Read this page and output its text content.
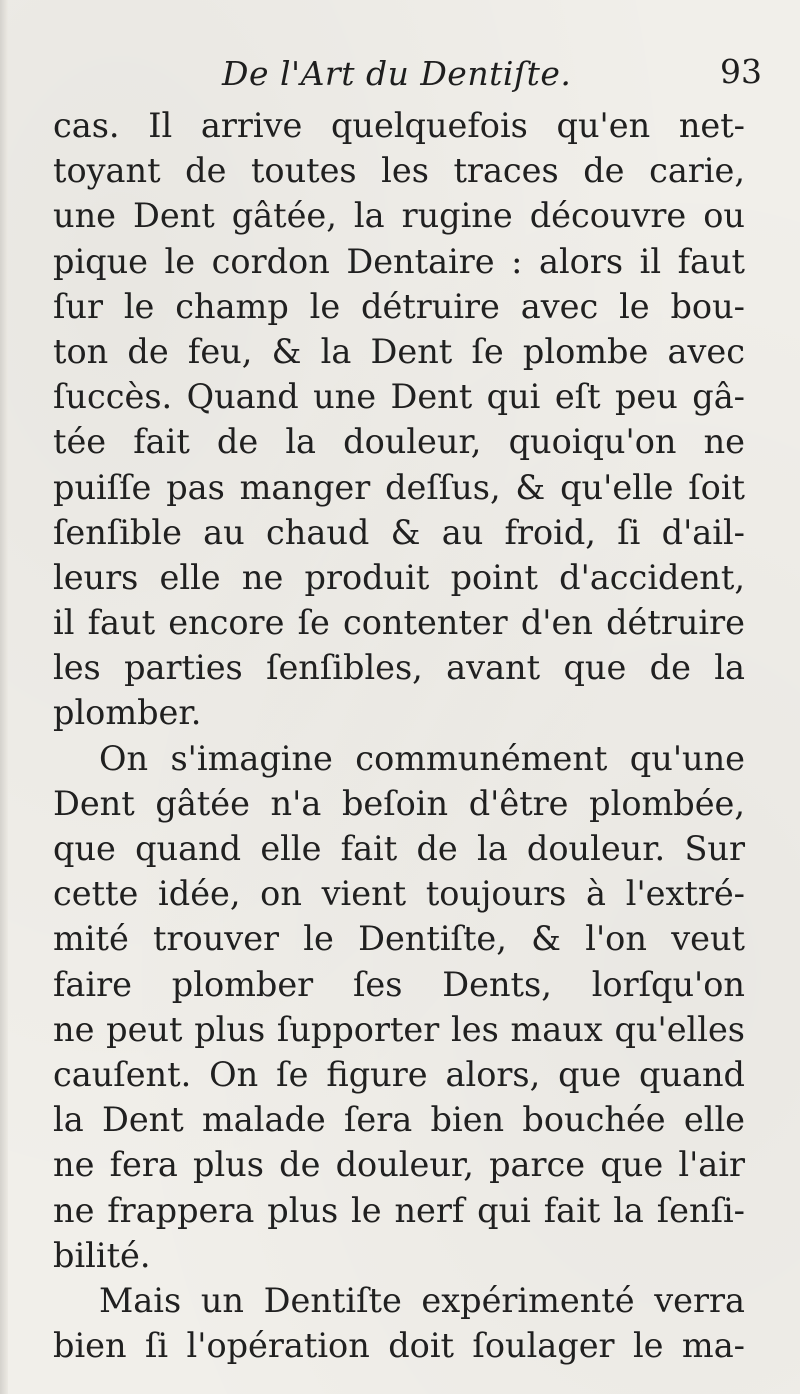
De l'Art du Dentiſte.	93
cas. Il arrive quelquefois qu'en net-
toyant de toutes les traces de carie,
une Dent gâtée, la rugine découvre ou
pique le cordon Dentaire : alors il faut
ſur le champ le détruire avec le bou-
ton de feu, & la Dent ſe plombe avec
ſuccès. Quand une Dent qui eſt peu gâ-
tée fait de la douleur, quoiqu'on ne
puiſſe pas manger deſſus, & qu'elle ſoit
ſenſible au chaud & au froid, ſi d'ail-
leurs elle ne produit point d'accident,
il faut encore ſe contenter d'en détruire
les parties ſenſibles, avant que de la
plomber.
On s'imagine communément qu'une
Dent gâtée n'a beſoin d'être plombée,
que quand elle fait de la douleur. Sur
cette idée, on vient toujours à l'extré-
mité trouver le Dentiſte, & l'on veut
faire plomber ſes Dents, lorſqu'on
ne peut plus ſupporter les maux qu'elles
cauſent. On ſe figure alors, que quand
la Dent malade ſera bien bouchée elle
ne fera plus de douleur, parce que l'air
ne frappera plus le nerf qui fait la ſenſi-
bilité.
Mais un Dentiſte expérimenté verra
bien ſi l'opération doit ſoulager le ma-
